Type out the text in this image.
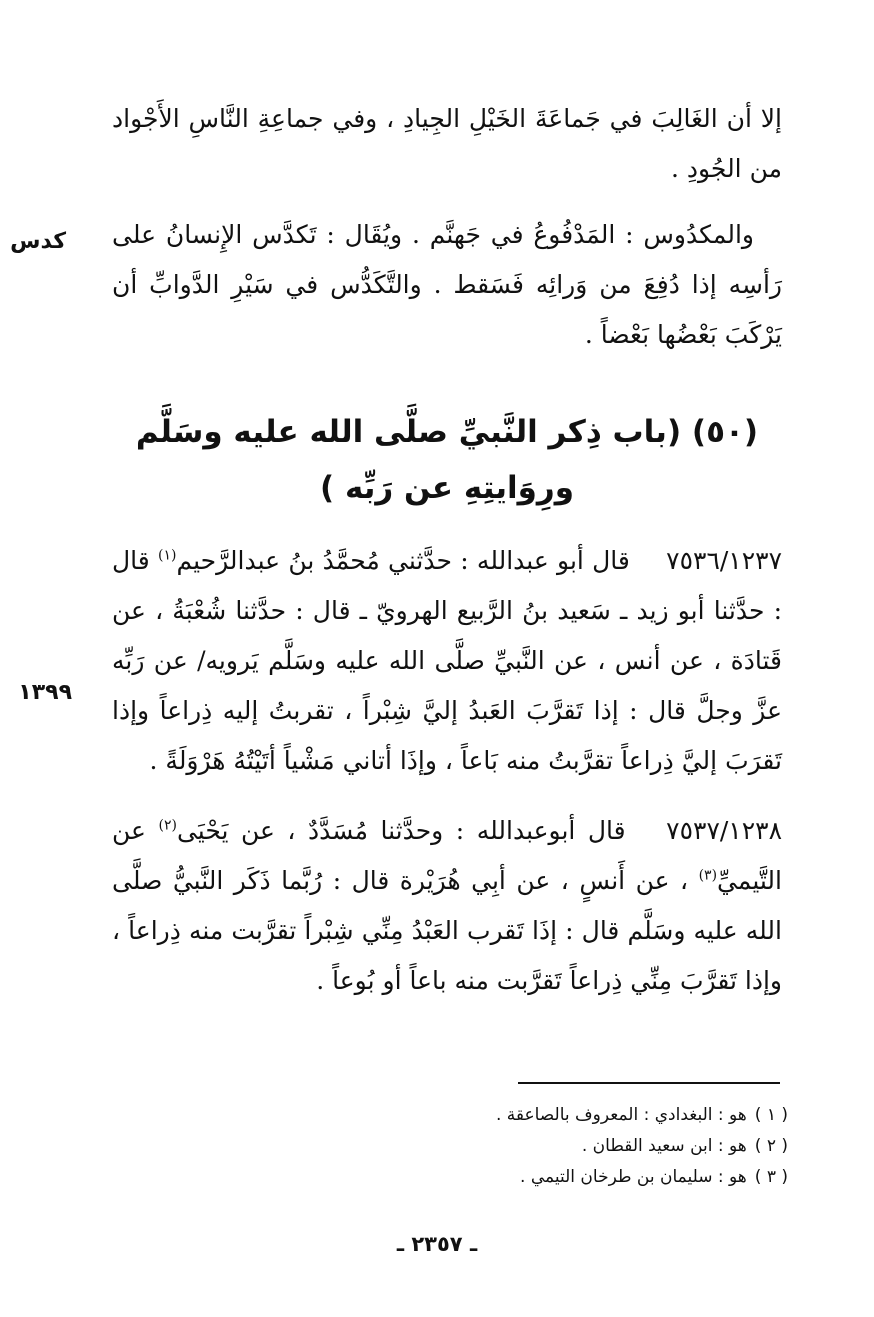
إلا أن الغَالِبَ في جَماعَةَ الخَيْلِ الجِيادِ ، وفي جماعِةِ النَّاسِ الأَجْواد من الجُودِ .

والمكدُوس : المَدْفُوعُ في جَهنَّم . ويُقَال : تَكدَّس الإِنسانُ على رَأسِه إذا دُفِعَ من وَرائِه فَسَقط . والتَّكَدُّس في سَيْرِ الدَّوابِّ أن يَرْكَبَ بَعْضُها بَعْضاً .

(٥٠) (باب ذِكر النَّبيِّ صلَّى الله عليه وسَلَّم

ورِوَايتِهِ عن رَبِّه )

٧٥٣٦/١٢٣٧ قال أبو عبدالله : حدَّثني مُحمَّدُ بنُ عبدالرَّحيم$^{(١)}$ قال : حدَّثنا أبو زيد ـ سَعيد بنُ الرَّبيع الهرويّ ـ قال : حدَّثنا شُعْبَةُ ، عن قَتادَة ، عن أنس ، عن النَّبيِّ صلَّى الله عليه وسَلَّم يَرويه/ عن رَبِّه عزَّ وجلَّ قال : إذا تَقرَّبَ العَبدُ إليَّ شِبْراً ، تقربتُ إليه ذِراعاً وإذا تَقرَبَ إليَّ ذِراعاً تقرَّبتُ منه بَاعاً ، وإذَا أتاني مَشْياً أتَيْتُهُ هَرْوَلَةً .

٧٥٣٧/١٢٣٨ قال أبوعبدالله : وحدَّثنا مُسَدَّدٌ ، عن يَحْيَى$^{(٢)}$ عن التَّيميِّ$^{(٣)}$ ، عن أَنسٍ ، عن أبِي هُرَيْرة قال : رُبَّما ذَكَر النَّبيُّ صلَّى الله عليه وسَلَّم قال : إذَا تَقرب العَبْدُ مِنِّي شِبْراً تقرَّبت منه ذِراعاً ، وإذا تَقرَّبَ مِنِّي ذِراعاً تَقرَّبت منه باعاً أو بُوعاً .

كدس
١٣٩٩
( ١ )هو : البغدادي : المعروف بالصاعقة .
( ٢ )هو : ابن سعيد القطان .
( ٣ )هو : سليمان بن طرخان التيمي .
ـ ٢٣٥٧ ـ
